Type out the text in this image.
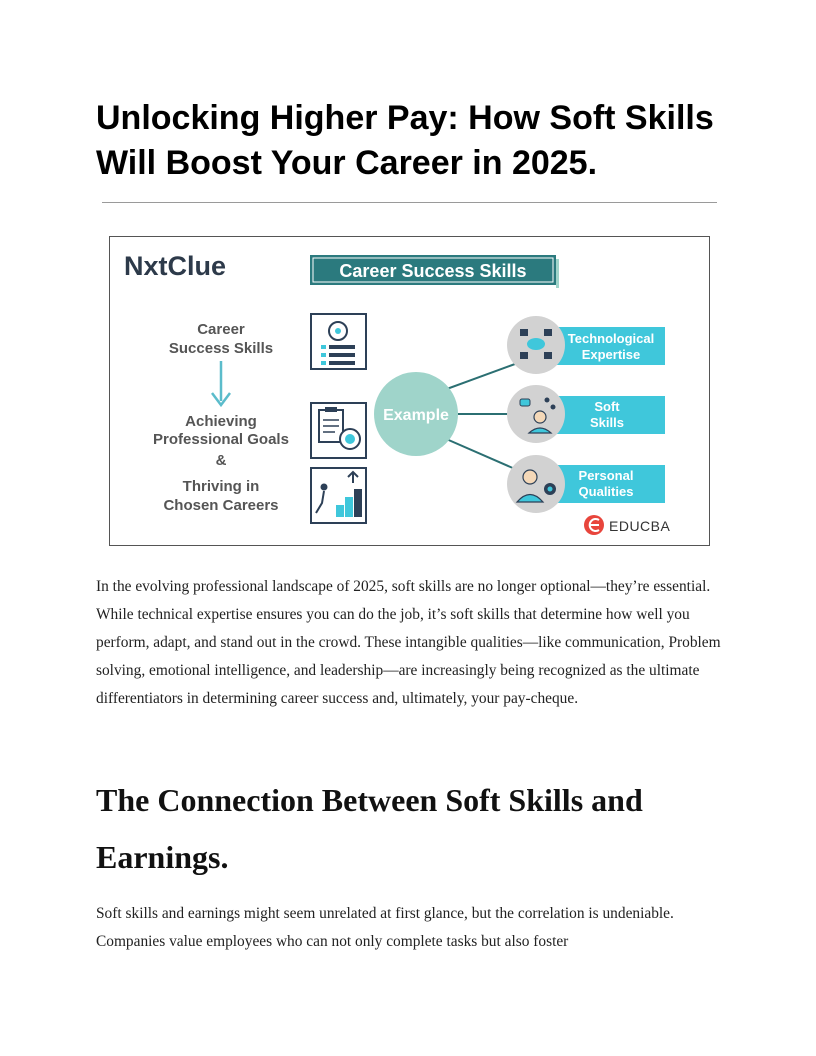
Unlocking Higher Pay: How Soft Skills Will Boost Your Career in 2025.
NxtClue	Career Success Skills
Career
Success Skills
Achieving
Professional Goals
&
Thriving in
Chosen Careers
Example
Technological
Expertise
Soft
Skills
Personal
Qualities
EDUCBA

In the evolving professional landscape of 2025, soft skills are no longer optional—they’re essential. While technical expertise ensures you can do the job, it’s soft skills that determine how well you perform, adapt, and stand out in the crowd. These intangible qualities—like communication, Problem solving, emotional intelligence, and leadership—are increasingly being recognized as the ultimate differentiators in determining career success and, ultimately, your pay-cheque.

The Connection Between Soft Skills and Earnings.

Soft skills and earnings might seem unrelated at first glance, but the correlation is undeniable. Companies value employees who can not only complete tasks but also foster
